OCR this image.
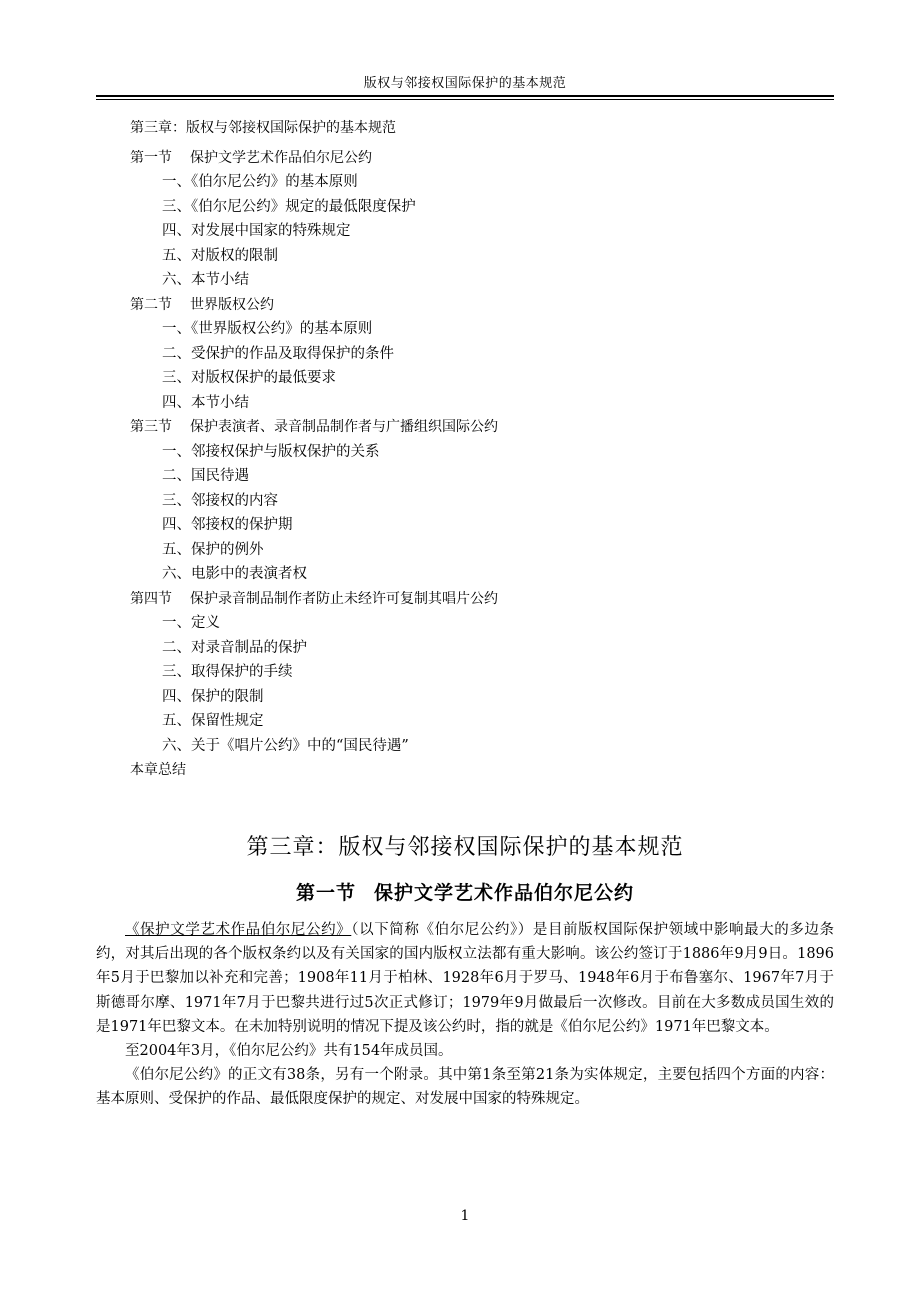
版权与邻接权国际保护的基本规范
第三章：版权与邻接权国际保护的基本规范
第一节 保护文学艺术作品伯尔尼公约
一、《伯尔尼公约》的基本原则
三、《伯尔尼公约》规定的最低限度保护
四、对发展中国家的特殊规定
五、对版权的限制
六、本节小结
第二节 世界版权公约
一、《世界版权公约》的基本原则
二、受保护的作品及取得保护的条件
三、对版权保护的最低要求
四、本节小结
第三节 保护表演者、录音制品制作者与广播组织国际公约
一、邻接权保护与版权保护的关系
二、国民待遇
三、邻接权的内容
四、邻接权的保护期
五、保护的例外
六、电影中的表演者权
第四节 保护录音制品制作者防止未经许可复制其唱片公约
一、定义
二、对录音制品的保护
三、取得保护的手续
四、保护的限制
五、保留性规定
六、关于《唱片公约》中的“国民待遇”
本章总结
第三章：版权与邻接权国际保护的基本规范
第一节 保护文学艺术作品伯尔尼公约

《保护文学艺术作品伯尔尼公约》（以下简称《伯尔尼公约》）是目前版权国际保护领域中影响最大的多边条约，对其后出现的各个版权条约以及有关国家的国内版权立法都有重大影响。该公约签订于1886年9月9日。1896年5月于巴黎加以补充和完善；1908年11月于柏林、1928年6月于罗马、1948年6月于布鲁塞尔、1967年7月于斯德哥尔摩、1971年7月于巴黎共进行过5次正式修订；1979年9月做最后一次修改。目前在大多数成员国生效的是1971年巴黎文本。在未加特别说明的情况下提及该公约时，指的就是《伯尔尼公约》1971年巴黎文本。

至2004年3月，《伯尔尼公约》共有154年成员国。

《伯尔尼公约》的正文有38条，另有一个附录。其中第1条至第21条为实体规定，主要包括四个方面的内容：基本原则、受保护的作品、最低限度保护的规定、对发展中国家的特殊规定。

1
